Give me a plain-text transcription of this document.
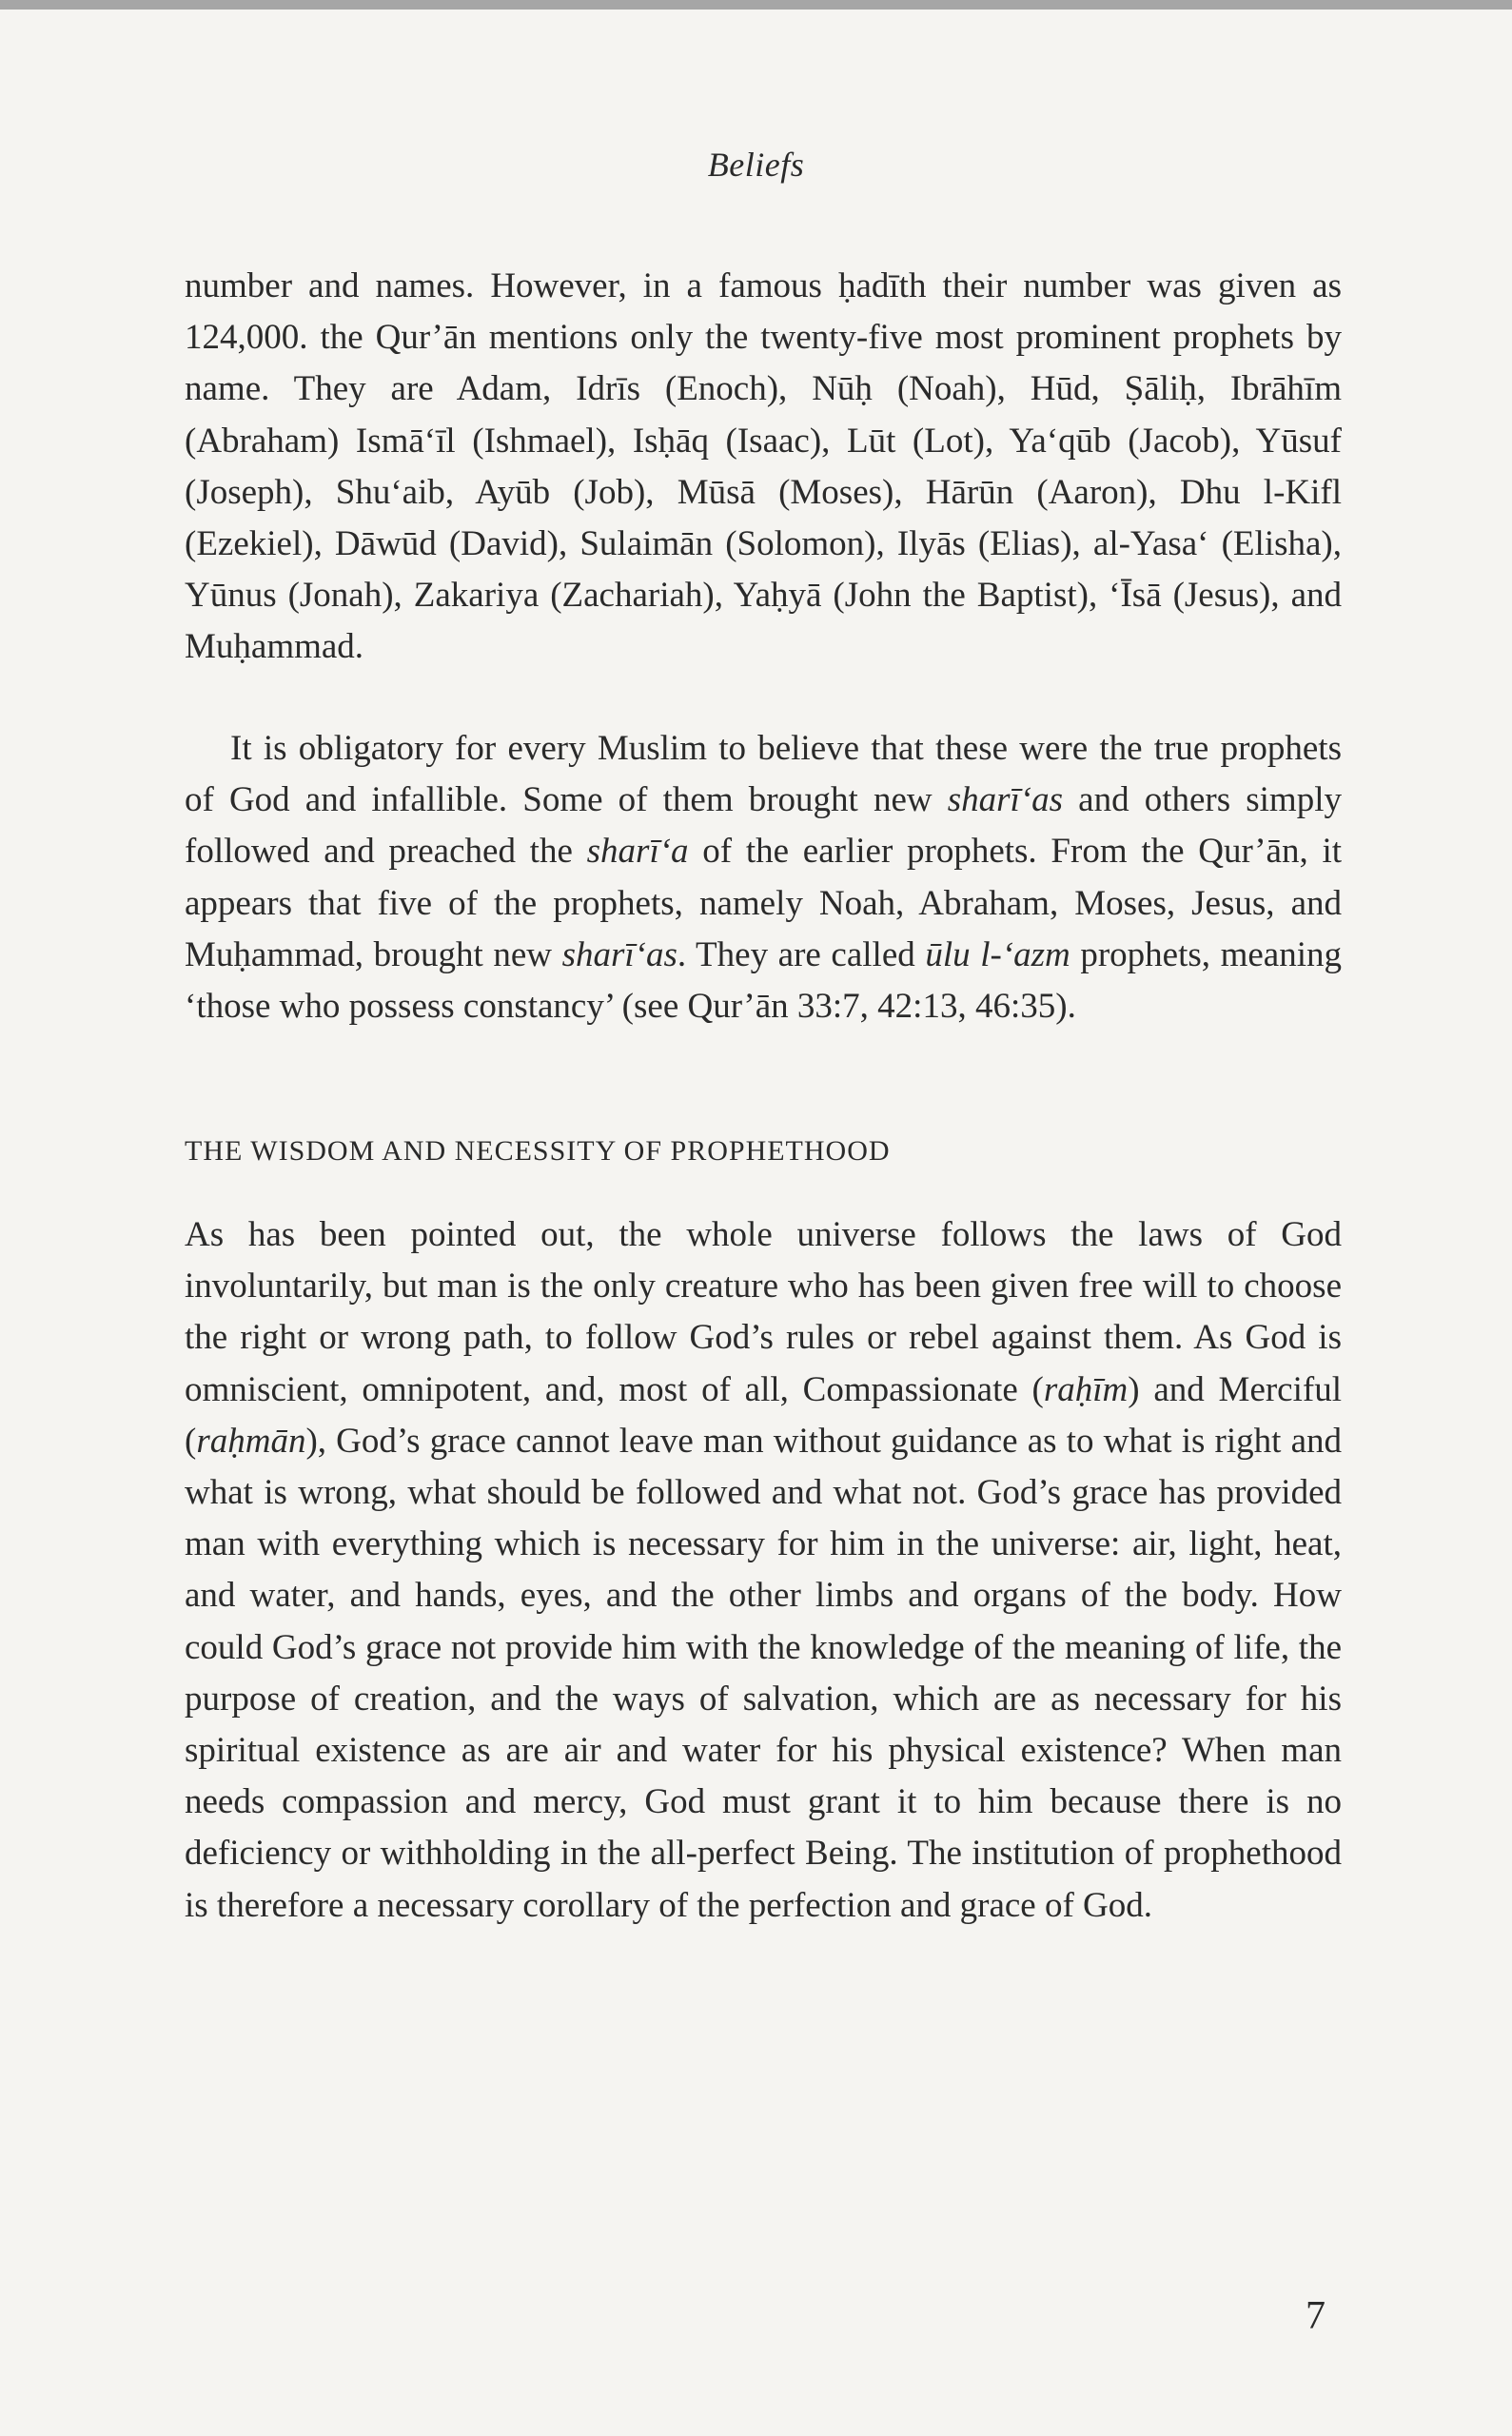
Beliefs

number and names. However, in a famous ḥadīth their number was given as 124,000. the Qur’ān mentions only the twenty-five most prominent prophets by name. They are Adam, Idrīs (Enoch), Nūḥ (Noah), Hūd, Ṣāliḥ, Ibrāhīm (Abraham) Ismā‘īl (Ishmael), Isḥāq (Isaac), Lūt (Lot), Ya‘qūb (Jacob), Yūsuf (Joseph), Shu‘aib, Ayūb (Job), Mūsā (Moses), Hārūn (Aaron), Dhu l-Kifl (Ezekiel), Dāwūd (David), Sulaimān (Solomon), Ilyās (Elias), al-Yasa‘ (Elisha), Yūnus (Jonah), Zakariya (Zachariah), Yaḥyā (John the Baptist), ‘Īsā (Jesus), and Muḥammad.

It is obligatory for every Muslim to believe that these were the true prophets of God and infallible. Some of them brought new sharī‘as and others simply followed and preached the sharī‘a of the earlier prophets. From the Qur’ān, it appears that five of the prophets, namely Noah, Abraham, Moses, Jesus, and Muḥammad, brought new sharī‘as. They are called ūlu l-‘azm prophets, meaning ‘those who possess constancy’ (see Qur’ān 33:7, 42:13, 46:35).

THE WISDOM AND NECESSITY OF PROPHETHOOD

As has been pointed out, the whole universe follows the laws of God involuntarily, but man is the only creature who has been given free will to choose the right or wrong path, to follow God’s rules or rebel against them. As God is omniscient, omnipotent, and, most of all, Compassionate (raḥīm) and Merciful (raḥmān), God’s grace cannot leave man without guidance as to what is right and what is wrong, what should be followed and what not. God’s grace has provided man with everything which is necessary for him in the universe: air, light, heat, and water, and hands, eyes, and the other limbs and organs of the body. How could God’s grace not provide him with the knowledge of the meaning of life, the purpose of creation, and the ways of salvation, which are as necessary for his spiritual existence as are air and water for his physical existence? When man needs compassion and mercy, God must grant it to him because there is no deficiency or withholding in the all-perfect Being. The institution of prophethood is therefore a necessary corollary of the perfection and grace of God.

7
